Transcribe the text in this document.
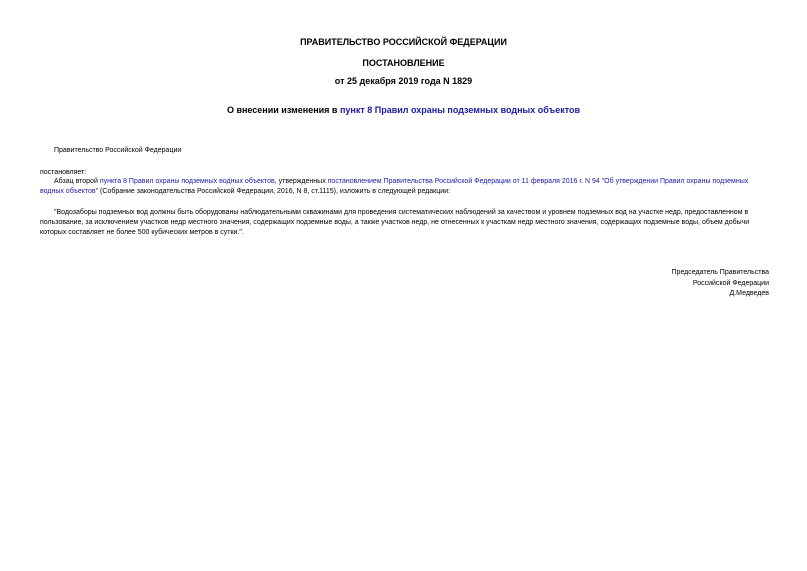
ПРАВИТЕЛЬСТВО РОССИЙСКОЙ ФЕДЕРАЦИИ
ПОСТАНОВЛЕНИЕ
от 25 декабря 2019 года N 1829
О внесении изменения в пункт 8 Правил охраны подземных водных объектов
Правительство Российской Федерации
постановляет:
Абзац второй пункта 8 Правил охраны подземных водных объектов, утвержденных постановлением Правительства Российской Федерации от 11 февраля 2016 г. N 94 "Об утверждении Правил охраны подземных водных объектов" (Собрание законодательства Российской Федерации, 2016, N 8, ст.1115), изложить в следующей редакции:
"Водозаборы подземных вод должны быть оборудованы наблюдательными скважинами для проведения систематических наблюдений за качеством и уровнем подземных вод на участке недр, предоставленном в пользование, за исключением участков недр местного значения, содержащих подземные воды, а также участков недр, не отнесенных к участкам недр местного значения, содержащих подземные воды, объем добычи которых составляет не более 500 кубических метров в сутки.".
Председатель Правительства
Российской Федерации
Д.Медведев
